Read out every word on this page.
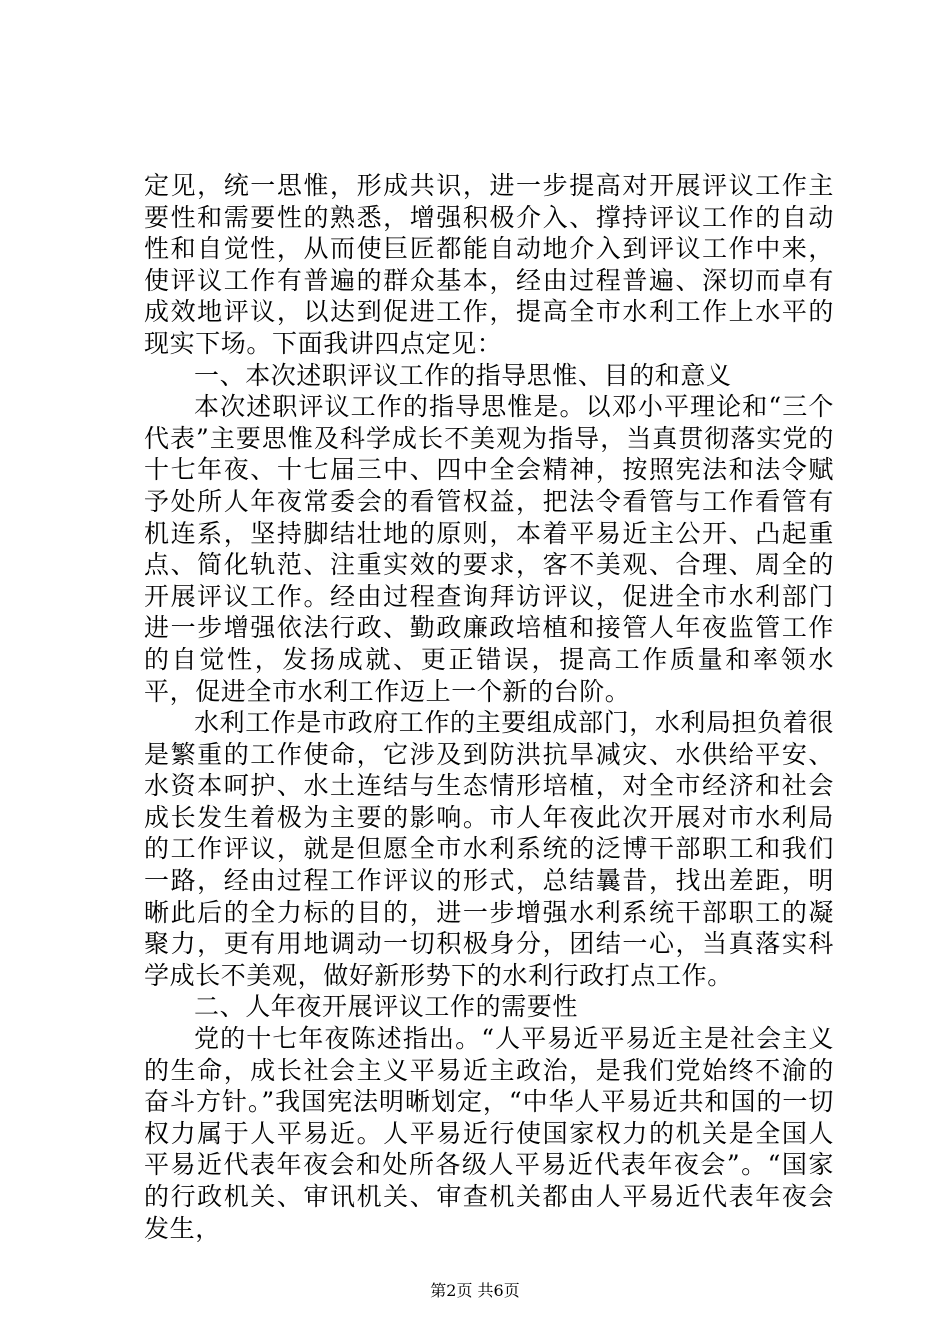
定见，统一思惟，形成共识，进一步提高对开展评议工作主要性和需要性的熟悉，增强积极介入、撑持评议工作的自动性和自觉性，从而使巨匠都能自动地介入到评议工作中来，使评议工作有普遍的群众基本，经由过程普遍、深切而卓有成效地评议，以达到促进工作，提高全市水利工作上水平的现实下场。下面我讲四点定见：

一、本次述职评议工作的指导思惟、目的和意义

本次述职评议工作的指导思惟是。以邓小平理论和“三个代表”主要思惟及科学成长不美观为指导，当真贯彻落实党的十七年夜、十七届三中、四中全会精神，按照宪法和法令赋予处所人年夜常委会的看管权益，把法令看管与工作看管有机连系，坚持脚结壮地的原则，本着平易近主公开、凸起重点、简化轨范、注重实效的要求，客不美观、合理、周全的开展评议工作。经由过程查询拜访评议，促进全市水利部门进一步增强依法行政、勤政廉政培植和接管人年夜监管工作的自觉性，发扬成就、更正错误，提高工作质量和率领水平，促进全市水利工作迈上一个新的台阶。

水利工作是市政府工作的主要组成部门，水利局担负着很是繁重的工作使命，它涉及到防洪抗旱减灾、水供给平安、水资本呵护、水土连结与生态情形培植，对全市经济和社会成长发生着极为主要的影响。市人年夜此次开展对市水利局的工作评议，就是但愿全市水利系统的泛博干部职工和我们一路，经由过程工作评议的形式，总结曩昔，找出差距，明晰此后的全力标的目的，进一步增强水利系统干部职工的凝聚力，更有用地调动一切积极身分，团结一心，当真落实科学成长不美观，做好新形势下的水利行政打点工作。

二、人年夜开展评议工作的需要性

党的十七年夜陈述指出。“人平易近平易近主是社会主义的生命，成长社会主义平易近主政治，是我们党始终不渝的奋斗方针。”我国宪法明晰划定，“中华人平易近共和国的一切权力属于人平易近。人平易近行使国家权力的机关是全国人平易近代表年夜会和处所各级人平易近代表年夜会”。“国家的行政机关、审讯机关、审查机关都由人平易近代表年夜会发生，

第2页 共6页
